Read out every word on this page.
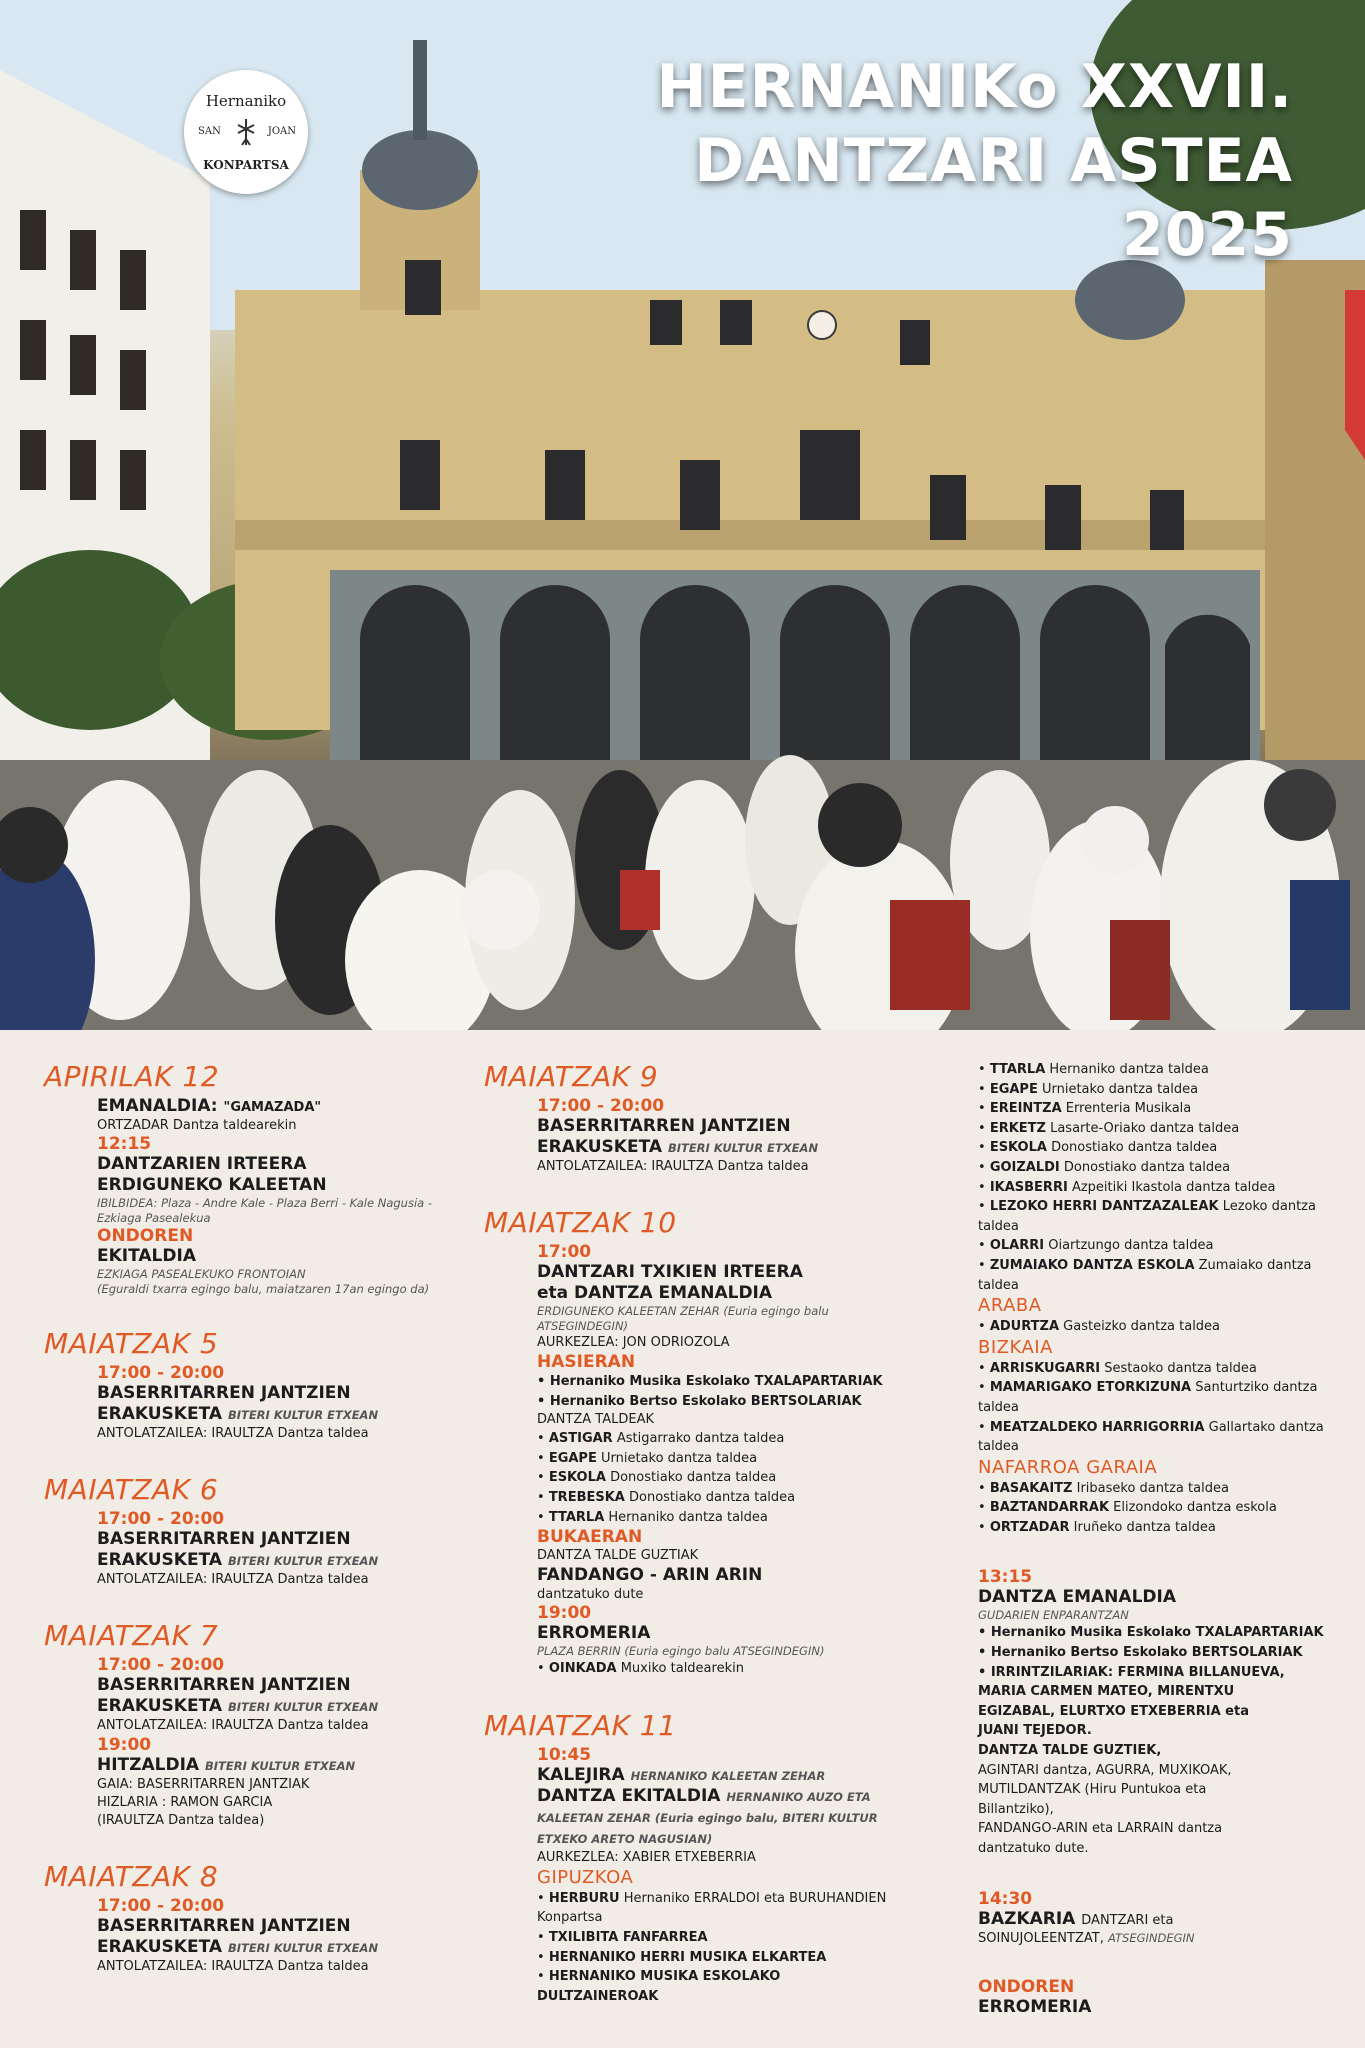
Hernaniko
SAN	JOAN
KONPARTSA
HERNANIKo XXVII.
DANTZARI ASTEA
2025
APIRILAK 12
EMANALDIA: "GAMAZADA"
ORTZADAR Dantza taldearekin
12:15
DANTZARIEN IRTEERA
ERDIGUNEKO KALEETAN
IBILBIDEA: Plaza - Andre Kale - Plaza Berri - Kale Nagusia - Ezkiaga Pasealekua
ONDOREN
EKITALDIA
EZKIAGA PASEALEKUKO FRONTOIAN
(Eguraldi txarra egingo balu, maiatzaren 17an egingo da)
MAIATZAK 5
17:00 - 20:00
BASERRITARREN JANTZIEN
ERAKUSKETA BITERI KULTUR ETXEAN
ANTOLATZAILEA: IRAULTZA Dantza taldea
MAIATZAK 6
17:00 - 20:00
BASERRITARREN JANTZIEN
ERAKUSKETA BITERI KULTUR ETXEAN
ANTOLATZAILEA: IRAULTZA Dantza taldea
MAIATZAK 7
17:00 - 20:00
BASERRITARREN JANTZIEN
ERAKUSKETA BITERI KULTUR ETXEAN
ANTOLATZAILEA: IRAULTZA Dantza taldea
19:00
HITZALDIA BITERI KULTUR ETXEAN
GAIA: BASERRITARREN JANTZIAK
HIZLARIA : RAMON GARCIA
(IRAULTZA Dantza taldea)
MAIATZAK 8
17:00 - 20:00
BASERRITARREN JANTZIEN
ERAKUSKETA BITERI KULTUR ETXEAN
ANTOLATZAILEA: IRAULTZA Dantza taldea
MAIATZAK 9
17:00 - 20:00
BASERRITARREN JANTZIEN
ERAKUSKETA BITERI KULTUR ETXEAN
ANTOLATZAILEA: IRAULTZA Dantza taldea
MAIATZAK 10
17:00
DANTZARI TXIKIEN IRTEERA
eta DANTZA EMANALDIA
ERDIGUNEKO KALEETAN ZEHAR (Euria egingo balu ATSEGINDEGIN)
AURKEZLEA: JON ODRIOZOLA
HASIERAN
• Hernaniko Musika Eskolako TXALAPARTARIAK
• Hernaniko Bertso Eskolako BERTSOLARIAK
DANTZA TALDEAK
• ASTIGAR Astigarrako dantza taldea
• EGAPE Urnietako dantza taldea
• ESKOLA Donostiako dantza taldea
• TREBESKA Donostiako dantza taldea
• TTARLA Hernaniko dantza taldea
BUKAERAN
DANTZA TALDE GUZTIAK
FANDANGO - ARIN ARIN
dantzatuko dute
19:00
ERROMERIA
PLAZA BERRIN (Euria egingo balu ATSEGINDEGIN)
• OINKADA Muxiko taldearekin
MAIATZAK 11
10:45
KALEJIRA HERNANIKO KALEETAN ZEHAR
DANTZA EKITALDIA HERNANIKO AUZO ETA KALEETAN ZEHAR (Euria egingo balu, BITERI KULTUR ETXEKO ARETO NAGUSIAN)
AURKEZLEA: XABIER ETXEBERRIA
GIPUZKOA
• HERBURU Hernaniko ERRALDOI eta BURUHANDIEN Konpartsa
• TXILIBITA FANFARREA
• HERNANIKO HERRI MUSIKA ELKARTEA
• HERNANIKO MUSIKA ESKOLAKO DULTZAINEROAK
• TTARLA Hernaniko dantza taldea
• EGAPE Urnietako dantza taldea
• EREINTZA Errenteria Musikala
• ERKETZ Lasarte-Oriako dantza taldea
• ESKOLA Donostiako dantza taldea
• GOIZALDI Donostiako dantza taldea
• IKASBERRI Azpeitiki Ikastola dantza taldea
• LEZOKO HERRI DANTZAZALEAK Lezoko dantza taldea
• OLARRI Oiartzungo dantza taldea
• ZUMAIAKO DANTZA ESKOLA Zumaiako dantza taldea
ARABA
• ADURTZA Gasteizko dantza taldea
BIZKAIA
• ARRISKUGARRI Sestaoko dantza taldea
• MAMARIGAKO ETORKIZUNA Santurtziko dantza taldea
• MEATZALDEKO HARRIGORRIA Gallartako dantza taldea
NAFARROA GARAIA
• BASAKAITZ Iribaseko dantza taldea
• BAZTANDARRAK Elizondoko dantza eskola
• ORTZADAR Iruñeko dantza taldea
13:15
DANTZA EMANALDIA
GUDARIEN ENPARANTZAN
• Hernaniko Musika Eskolako TXALAPARTARIAK
• Hernaniko Bertso Eskolako BERTSOLARIAK
• IRRINTZILARIAK: FERMINA BILLANUEVA,
MARIA CARMEN MATEO, MIRENTXU
EGIZABAL, ELURTXO ETXEBERRIA eta
JUANI TEJEDOR.
DANTZA TALDE GUZTIEK,
AGINTARI dantza, AGURRA, MUXIKOAK,
MUTILDANTZAK (Hiru Puntukoa eta
Billantziko),
FANDANGO-ARIN eta LARRAIN dantza
dantzatuko dute.
14:30
BAZKARIA DANTZARI eta
SOINUJOLEENTZAT, ATSEGINDEGIN
ONDOREN
ERROMERIA
